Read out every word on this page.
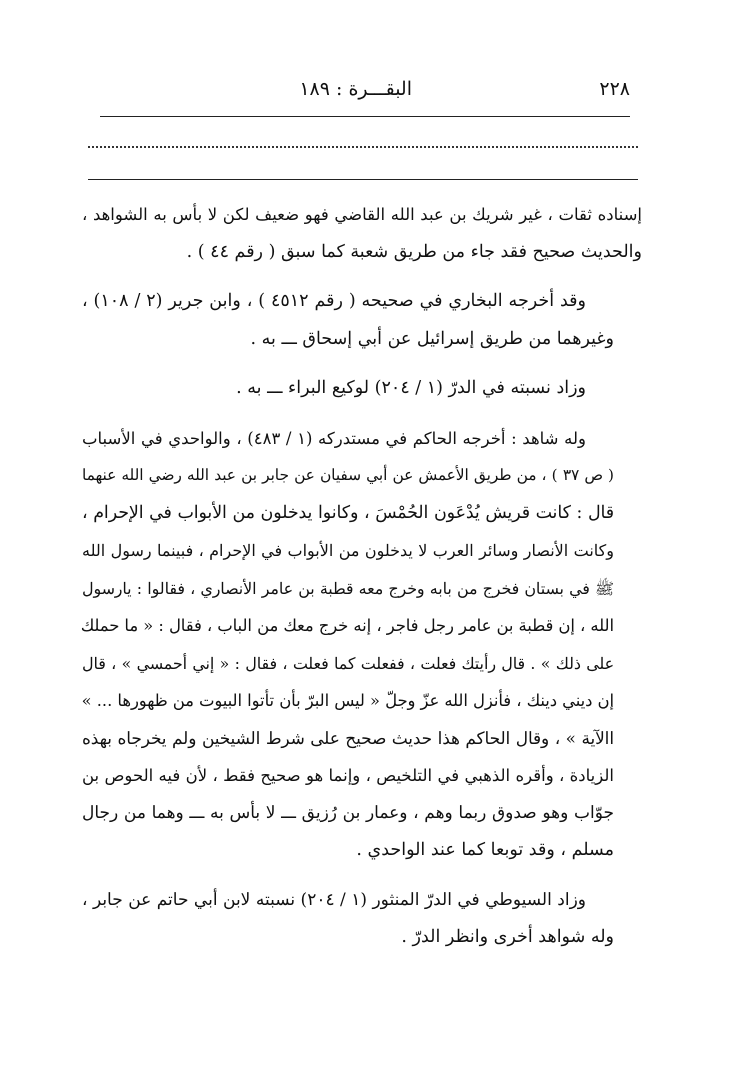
٢٢٨
البقـــرة : ١٨٩
إسناده ثقات ، غير شريك بن عبد الله القاضي فهو ضعيف لكن لا بأس به الشواهد ،
والحديث صحيح فقد جاء من طريق شعبة كما سبق ( رقم ٤٤ ) .
وقد أخرجه البخاري في صحيحه ( رقم ٤٥١٢ ) ، وابن جرير (٢ / ١٠٨) ،
وغيرهما من طريق إسرائيل عن أبي إسحاق ـــ به .
وزاد نسبته في الدرّ (١ / ٢٠٤) لوكيع البراء ـــ به .
وله شاهد : أخرجه الحاكم في مستدركه (١ / ٤٨٣) ، والواحدي في الأسباب
( ص ٣٧ ) ، من طريق الأعمش عن أبي سفيان عن جابر بن عبد الله رضي الله عنهما
قال : كانت قريش يُدْعَون الحُمْسَ ، وكانوا يدخلون من الأبواب في الإحرام ،
وكانت الأنصار وسائر العرب لا يدخلون من الأبواب في الإحرام ، فبينما رسول الله
ﷺ في بستان فخرج من بابه وخرج معه قطبة بن عامر الأنصاري ، فقالوا : يارسول
الله ، إن قطبة بن عامر رجل فاجر ، إنه خرج معك من الباب ، فقال : « ما حملك
على ذلك » . قال رأيتك فعلت ، ففعلت كما فعلت ، فقال : « إني أحمسي » ، قال
إن ديني دينك ، فأنزل الله عزّ وجلّ « ليس البرّ بأن تأتوا البيوت من ظهورها ... »
االآية » ، وقال الحاكم هذا حديث صحيح على شرط الشيخين ولم يخرجاه بهذه
الزيادة ، وأقره الذهبي في التلخيص ، وإنما هو صحيح فقط ، لأن فيه الحوص بن
جوّاب وهو صدوق ربما وهم ، وعمار بن رُزيق ـــ لا بأس به ـــ وهما من رجال
مسلم ، وقد توبعا كما عند الواحدي .
وزاد السيوطي في الدرّ المنثور (١ / ٢٠٤) نسبته لابن أبي حاتم عن جابر ،
وله شواهد أخرى وانظر الدرّ .
